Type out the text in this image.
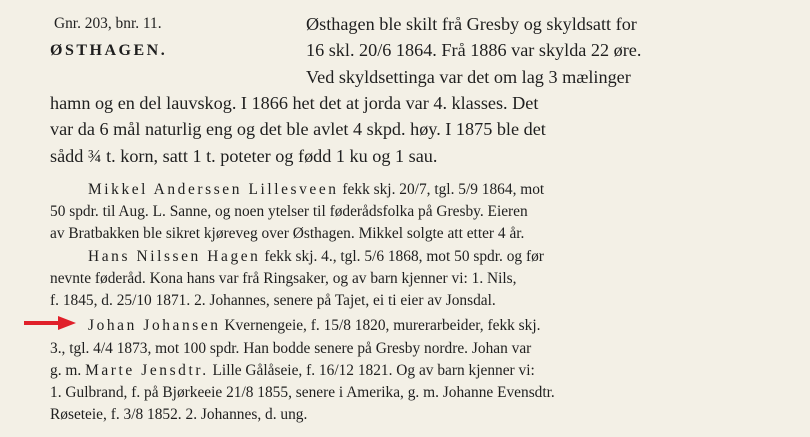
Gnr. 203, bnr. 11.
ØSTHAGEN.
Østhagen ble skilt frå Gresby og skyldsatt for
16 skl. 20/6 1864. Frå 1886 var skylda 22 øre.
Ved skyldsettinga var det om lag 3 mælinger
hamn og en del lauvskog. I 1866 het det at jorda var 4. klasses. Det
var da 6 mål naturlig eng og det ble avlet 4 skpd. høy. I 1875 ble det
sådd ¾ t. korn, satt 1 t. poteter og fødd 1 ku og 1 sau.
Mikkel Anderssen Lillesveen fekk skj. 20/7, tgl. 5/9 1864, mot
50 spdr. til Aug. L. Sanne, og noen ytelser til føderådsfolka på Gresby. Eieren
av Bratbakken ble sikret kjøreveg over Østhagen. Mikkel solgte att etter 4 år.
Hans Nilssen Hagen fekk skj. 4., tgl. 5/6 1868, mot 50 spdr. og før
nevnte føderåd. Kona hans var frå Ringsaker, og av barn kjenner vi: 1. Nils,
f. 1845, d. 25/10 1871. 2. Johannes, senere på Tajet, ei ti eier av Jonsdal.
Johan Johansen Kvernengeie, f. 15/8 1820, murerarbeider, fekk skj.
3., tgl. 4/4 1873, mot 100 spdr. Han bodde senere på Gresby nordre. Johan var
g. m. Marte Jensdtr. Lille Gålåseie, f. 16/12 1821. Og av barn kjenner vi:
1. Gulbrand, f. på Bjørkeeie 21/8 1855, senere i Amerika, g. m. Johanne Evensdtr.
Røseteie, f. 3/8 1852. 2. Johannes, d. ung.
